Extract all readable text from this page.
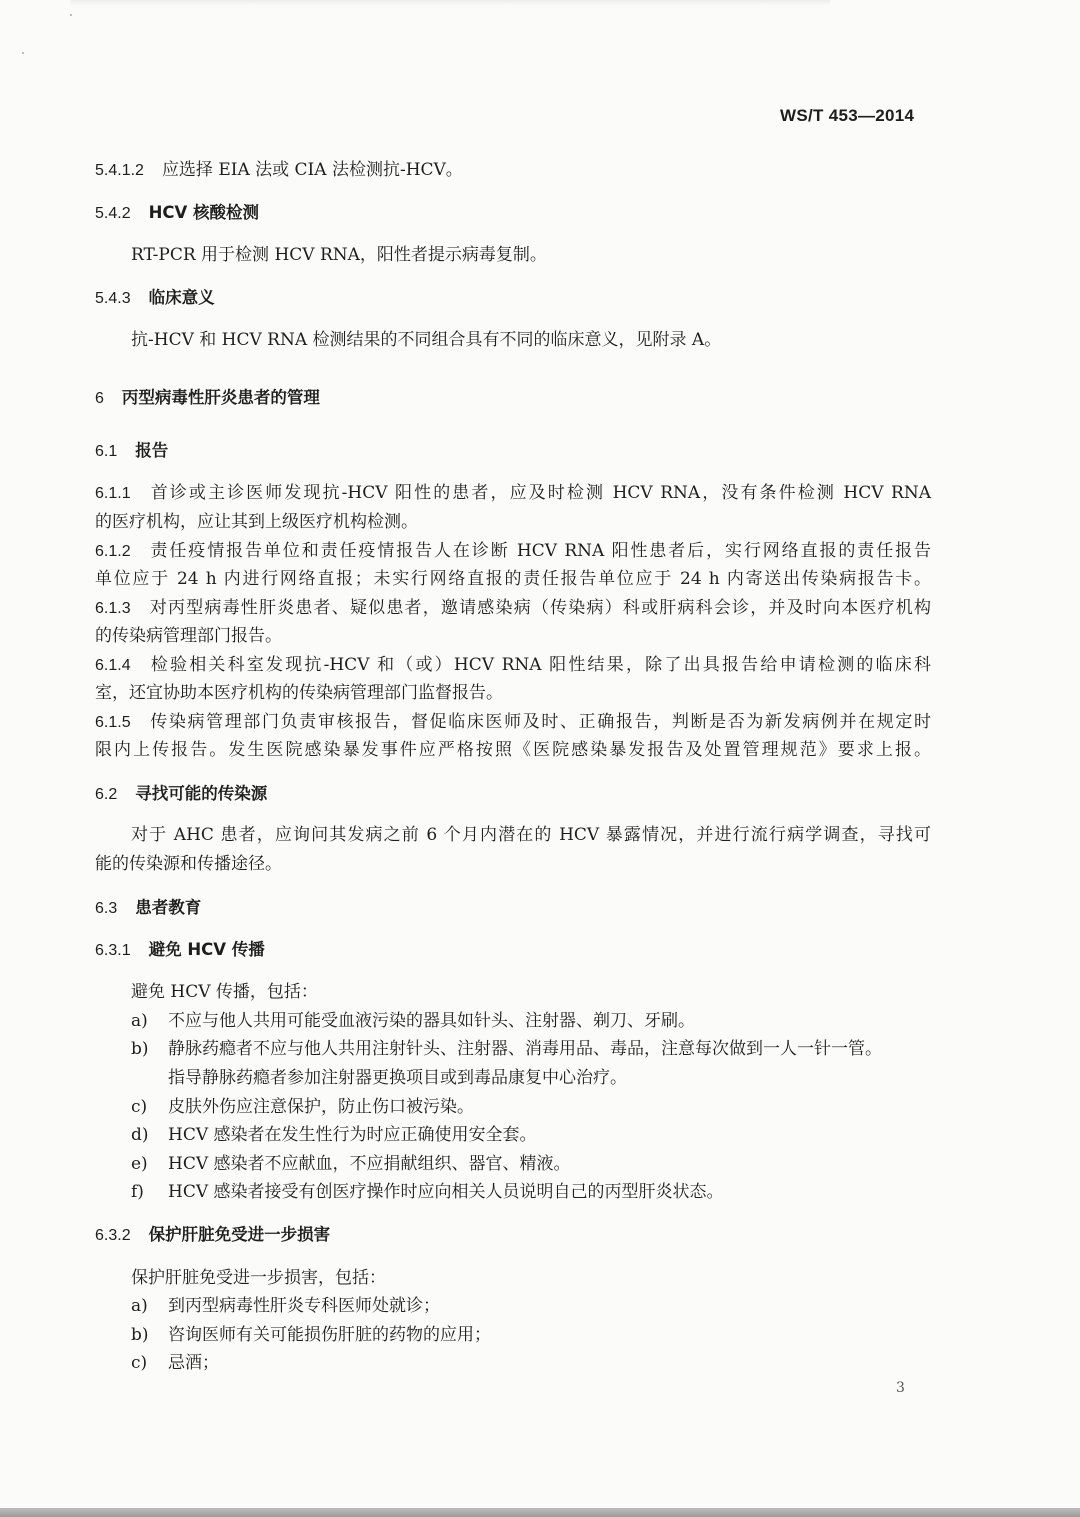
WS/T 453—2014
5.4.1.2 应选择 EIA 法或 CIA 法检测抗-HCV。
5.4.2 HCV 核酸检测
RT-PCR 用于检测 HCV RNA，阳性者提示病毒复制。
5.4.3 临床意义
抗-HCV 和 HCV RNA 检测结果的不同组合具有不同的临床意义，见附录 A。
6 丙型病毒性肝炎患者的管理
6.1 报告
6.1.1 首诊或主诊医师发现抗-HCV 阳性的患者，应及时检测 HCV RNA，没有条件检测 HCV RNA
的医疗机构，应让其到上级医疗机构检测。
6.1.2 责任疫情报告单位和责任疫情报告人在诊断 HCV RNA 阳性患者后，实行网络直报的责任报告
单位应于 24 h 内进行网络直报；未实行网络直报的责任报告单位应于 24 h 内寄送出传染病报告卡。
6.1.3 对丙型病毒性肝炎患者、疑似患者，邀请感染病（传染病）科或肝病科会诊，并及时向本医疗机构
的传染病管理部门报告。
6.1.4 检验相关科室发现抗-HCV 和（或）HCV RNA 阳性结果，除了出具报告给申请检测的临床科
室，还宜协助本医疗机构的传染病管理部门监督报告。
6.1.5 传染病管理部门负责审核报告，督促临床医师及时、正确报告，判断是否为新发病例并在规定时
限内上传报告。发生医院感染暴发事件应严格按照《医院感染暴发报告及处置管理规范》要求上报。
6.2 寻找可能的传染源
对于 AHC 患者，应询问其发病之前 6 个月内潜在的 HCV 暴露情况，并进行流行病学调查，寻找可
能的传染源和传播途径。
6.3 患者教育
6.3.1 避免 HCV 传播
避免 HCV 传播，包括：
a) 不应与他人共用可能受血液污染的器具如针头、注射器、剃刀、牙刷。
b) 静脉药瘾者不应与他人共用注射针头、注射器、消毒用品、毒品，注意每次做到一人一针一管。
指导静脉药瘾者参加注射器更换项目或到毒品康复中心治疗。
c) 皮肤外伤应注意保护，防止伤口被污染。
d) HCV 感染者在发生性行为时应正确使用安全套。
e) HCV 感染者不应献血，不应捐献组织、器官、精液。
f) HCV 感染者接受有创医疗操作时应向相关人员说明自己的丙型肝炎状态。
6.3.2 保护肝脏免受进一步损害
保护肝脏免受进一步损害，包括：
a) 到丙型病毒性肝炎专科医师处就诊；
b) 咨询医师有关可能损伤肝脏的药物的应用；
c) 忌酒；
3
